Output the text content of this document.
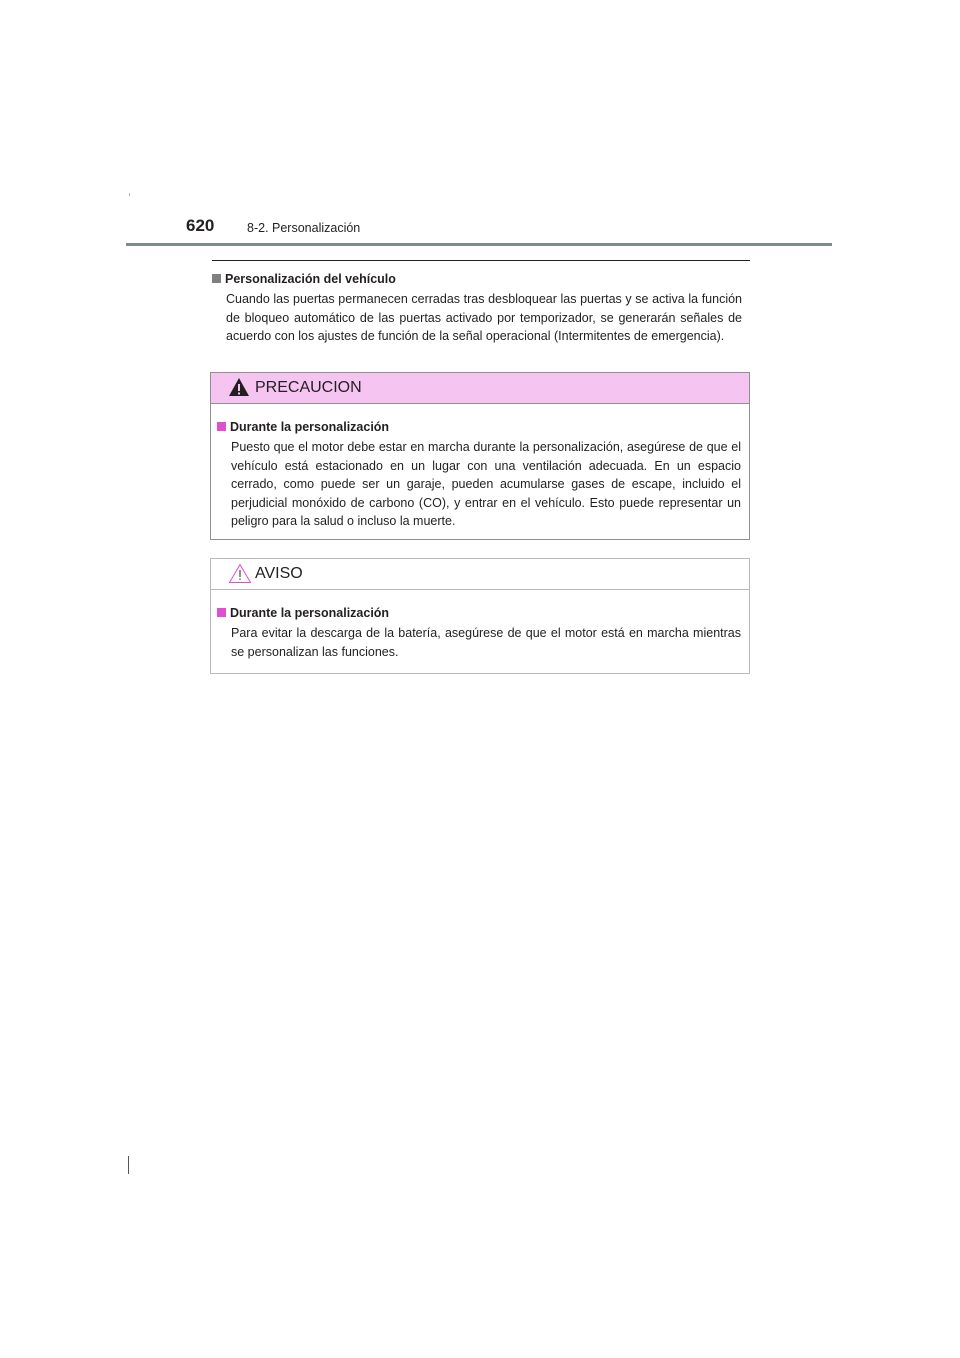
620	8-2. Personalización
Personalización del vehículo
Cuando las puertas permanecen cerradas tras desbloquear las puertas y se activa la función de bloqueo automático de las puertas activado por temporizador, se generarán señales de acuerdo con los ajustes de función de la señal operacional (Intermitentes de emergencia).
PRECAUCION
Durante la personalización
Puesto que el motor debe estar en marcha durante la personalización, asegúrese de que el vehículo está estacionado en un lugar con una ventilación adecuada. En un espacio cerrado, como puede ser un garaje, pueden acumularse gases de escape, incluido el perjudicial monóxido de carbono (CO), y entrar en el vehículo. Esto puede representar un peligro para la salud o incluso la muerte.
AVISO
Durante la personalización
Para evitar la descarga de la batería, asegúrese de que el motor está en marcha mientras se personalizan las funciones.
